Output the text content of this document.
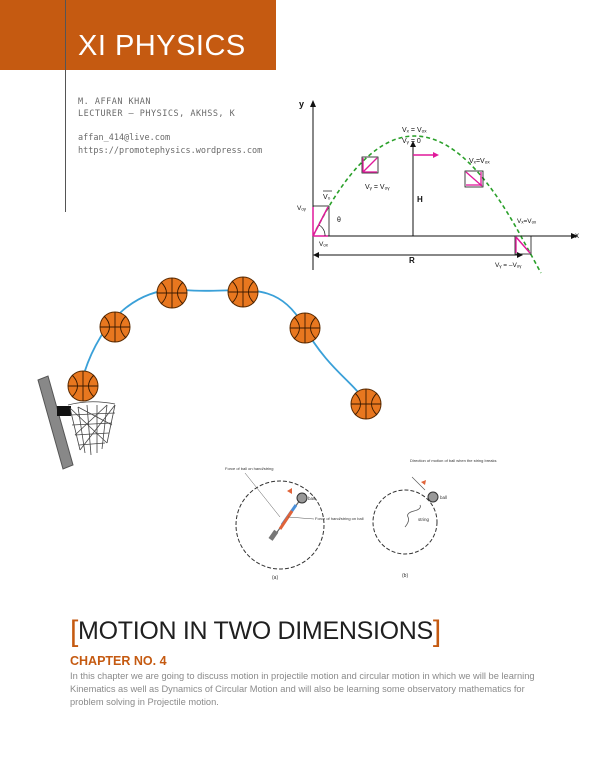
XI PHYSICS
M. AFFAN KHAN
LECTURER – PHYSICS, AKHSS, K
affan_414@live.com
https://promotephysics.wordpress.com
y
x
H
R
Vₓ = Vₒₓ
Vᵧ = 0
Vᵧ = Vₒᵧ
Vₓ=Vₒₓ
V₀
Vₒᵧ
Vₒₓ
θ	Vₓ=Vₒₓ
Vᵧ = –Vₒᵧ
Force of ball on hand/string
ball
Force of hand/string on ball
(a)
Direction of motion of ball when the string breaks
ball
string
(b)
[MOTION IN TWO DIMENSIONS]
CHAPTER NO. 4
In this chapter we are going to discuss motion in projectile motion and circular motion in which we will be learning Kinematics as well as Dynamics of Circular Motion and will also be learning some observatory mathematics for problem solving in Projectile motion.
